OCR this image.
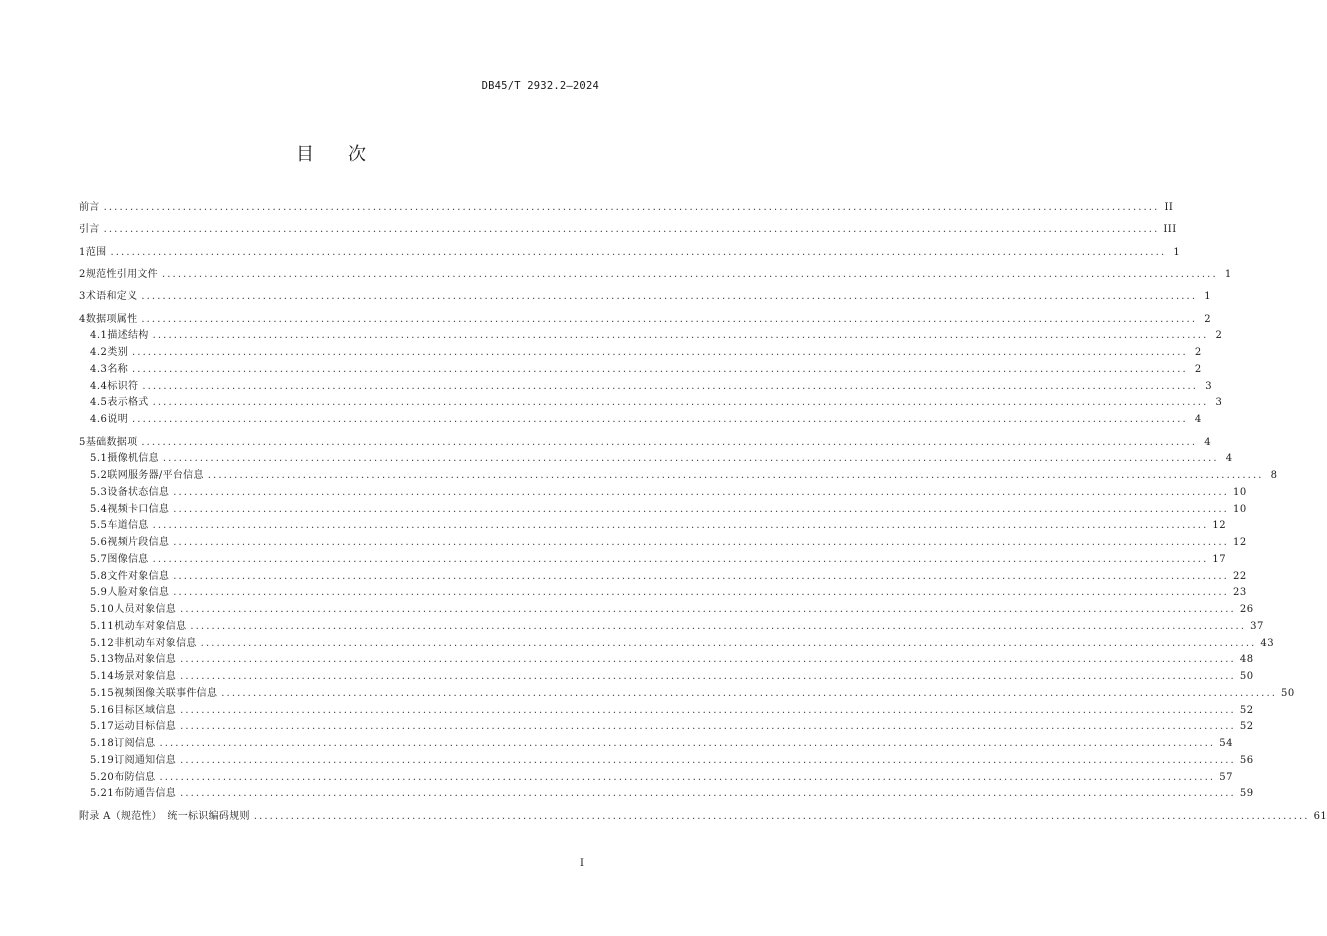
DB45/T 2932.2—2024
目 次
前言 ........................................................................................................................................................................................................ II
引言 ........................................................................................................................................................................................................ III
1 范围 ........................................................................................................................................................................................................ 1
2 规范性引用文件 ........................................................................................................................................................................................................ 1
3 术语和定义 ........................................................................................................................................................................................................ 1
4 数据项属性 ........................................................................................................................................................................................................ 2
4.1 描述结构 ........................................................................................................................................................................................................ 2
4.2 类别 ........................................................................................................................................................................................................ 2
4.3 名称 ........................................................................................................................................................................................................ 2
4.4 标识符 ........................................................................................................................................................................................................ 3
4.5 表示格式 ........................................................................................................................................................................................................ 3
4.6 说明 ........................................................................................................................................................................................................ 4
5 基础数据项 ........................................................................................................................................................................................................ 4
5.1 摄像机信息 ........................................................................................................................................................................................................ 4
5.2 联网服务器/平台信息 ........................................................................................................................................................................................................ 8
5.3 设备状态信息 ........................................................................................................................................................................................................ 10
5.4 视频卡口信息 ........................................................................................................................................................................................................ 10
5.5 车道信息 ........................................................................................................................................................................................................ 12
5.6 视频片段信息 ........................................................................................................................................................................................................ 12
5.7 图像信息 ........................................................................................................................................................................................................ 17
5.8 文件对象信息 ........................................................................................................................................................................................................ 22
5.9 人脸对象信息 ........................................................................................................................................................................................................ 23
5.10 人员对象信息 ........................................................................................................................................................................................................ 26
5.11 机动车对象信息 ........................................................................................................................................................................................................ 37
5.12 非机动车对象信息 ........................................................................................................................................................................................................ 43
5.13 物品对象信息 ........................................................................................................................................................................................................ 48
5.14 场景对象信息 ........................................................................................................................................................................................................ 50
5.15 视频图像关联事件信息 ........................................................................................................................................................................................................ 50
5.16 目标区域信息 ........................................................................................................................................................................................................ 52
5.17 运动目标信息 ........................................................................................................................................................................................................ 52
5.18 订阅信息 ........................................................................................................................................................................................................ 54
5.19 订阅通知信息 ........................................................................................................................................................................................................ 56
5.20 布防信息 ........................................................................................................................................................................................................ 57
5.21 布防通告信息 ........................................................................................................................................................................................................ 59
附录 A（规范性）　统一标识编码规则 ........................................................................................................................................................................................................ 61
I
